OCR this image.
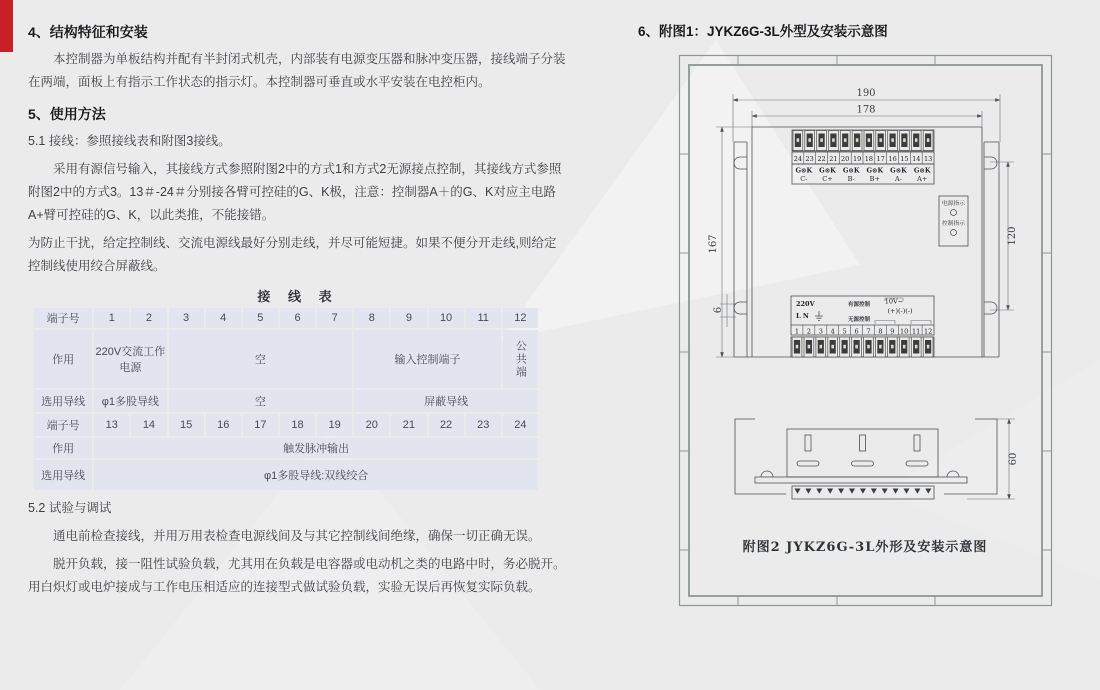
4、结构特征和安装

本控制器为单板结构并配有半封闭式机壳，内部装有电源变压器和脉冲变压器，接线端子分装在两端，面板上有指示工作状态的指示灯。本控制器可垂直或水平安装在电控柜内。

5、使用方法

5.1 接线：参照接线表和附图3接线。

采用有源信号输入，其接线方式参照附图2中的方式1和方式2无源接点控制，其接线方式参照附图2中的方式3。13＃-24＃分别接各臂可控硅的G、K极，注意：控制器A＋的G、K对应主电路A+臂可控硅的G、K，以此类推，不能接错。

为防止干扰，给定控制线、交流电源线最好分别走线，并尽可能短捷。如果不便分开走线,则给定控制线使用绞合屏蔽线。

接 线 表
端子号	1	2	3	4	5	6	7	8	9	10	11	12
作用	220V交流工作电源		空					输入控制端子				公共端
选用导线	φ1多股导线		空					屏蔽导线				
端子号	13	14	15	16	17	18	19	20	21	22	23	24
作用	触发脉冲输出											
选用导线	φ1多股导线:双线绞合											

5.2 试验与调试

通电前检查接线，并用万用表检查电源线间及与其它控制线间绝缘，确保一切正确无误。

脱开负载，接一阻性试验负载，尤其用在负载是电容器或电动机之类的电路中时，务必脱开。用白炽灯或电炉接成与工作电压相适应的连接型式做试验负载，实验无误后再恢复实际负载。

6、附图1：JYKZ6G-3L外型及安装示意图
190
178
167	120
6
24 23 22 21 20 19 18 17 16 15 14 13
G⊙K G⊙K G⊙K G⊙K G⊙K G⊙K
C- C+ B- B+ A- A+
电源指示
控制指示
220V
L N
有源控制 10V~
(+)(-)(-)
无源控制
1 2 3 4 5 6 7 8 9 10 11 12
60
附图2 JYKZ6G-3L外形及安装示意图
